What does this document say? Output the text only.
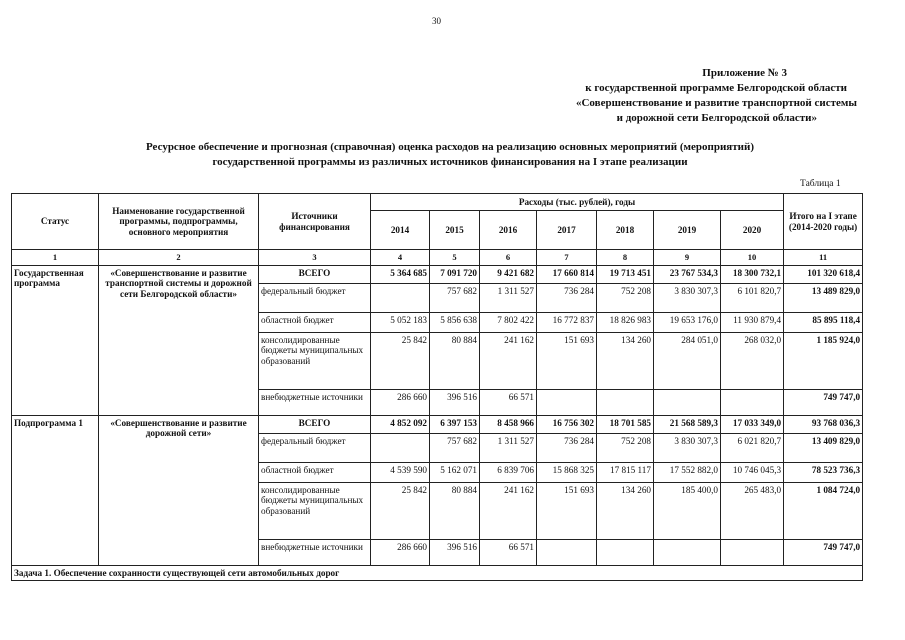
30
Приложение № 3
к государственной программе Белгородской области
«Совершенствование и развитие транспортной системы
и дорожной сети Белгородской области»
Ресурсное обеспечение и прогнозная (справочная) оценка расходов на реализацию основных мероприятий (мероприятий)
государственной программы из различных источников финансирования на I этапе реализации
Таблица 1
Статус	Наименование государственной программы, подпрограммы, основного мероприятия	Источники финансирования	Расходы (тыс. рублей), годы							Итого на I этапе (2014-2020 годы)
			2014	2015	2016	2017	2018	2019	2020	
1	2	3	4	5	6	7	8	9	10	11
Государственная программа	«Совершенствование и развитие транспортной системы и дорожной сети Белгородской области»	ВСЕГО	5 364 685	7 091 720	9 421 682	17 660 814	19 713 451	23 767 534,3	18 300 732,1	101 320 618,4
		федеральный бюджет		757 682	1 311 527	736 284	752 208	3 830 307,3	6 101 820,7	13 489 829,0
		областной бюджет	5 052 183	5 856 638	7 802 422	16 772 837	18 826 983	19 653 176,0	11 930 879,4	85 895 118,4
		консолидированные бюджеты муниципальных образований	25 842	80 884	241 162	151 693	134 260	284 051,0	268 032,0	1 185 924,0
		внебюджетные источники	286 660	396 516	66 571					749 747,0
Подпрограмма 1	«Совершенствование и развитие дорожной сети»	ВСЕГО	4 852 092	6 397 153	8 458 966	16 756 302	18 701 585	21 568 589,3	17 033 349,0	93 768 036,3
		федеральный бюджет		757 682	1 311 527	736 284	752 208	3 830 307,3	6 021 820,7	13 409 829,0
		областной бюджет	4 539 590	5 162 071	6 839 706	15 868 325	17 815 117	17 552 882,0	10 746 045,3	78 523 736,3
		консолидированные бюджеты муниципальных образований	25 842	80 884	241 162	151 693	134 260	185 400,0	265 483,0	1 084 724,0
		внебюджетные источники	286 660	396 516	66 571					749 747,0
Задача 1. Обеспечение сохранности существующей сети автомобильных дорог										
